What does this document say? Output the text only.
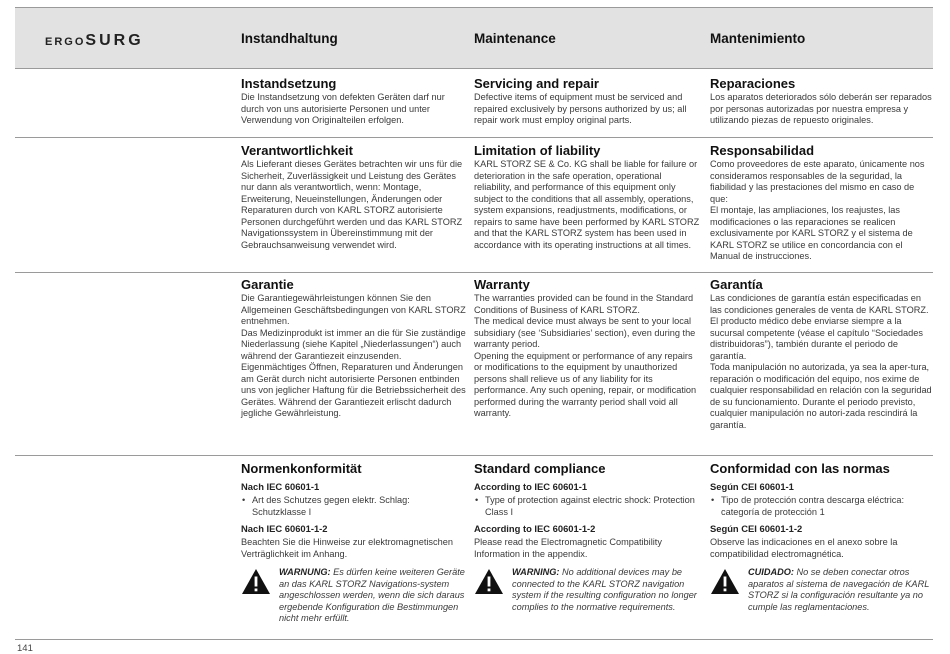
ERGOSURG	Instandhaltung	Maintenance	Mantenimiento
Instandsetzung

Die Instandsetzung von defekten Geräten darf nur durch von uns autorisierte Personen und unter Verwendung von Originalteilen erfolgen.

Servicing and repair

Defective items of equipment must be serviced and repaired exclusively by persons authorized by us; all repair work must employ original parts.

Reparaciones

Los aparatos deteriorados sólo deberán ser reparados por personas autorizadas por nuestra empresa y utilizando piezas de repuesto originales.

Verantwortlichkeit

Als Lieferant dieses Gerätes betrachten wir uns für die Sicherheit, Zuverlässigkeit und Leistung des Gerätes nur dann als verantwortlich, wenn: Montage, Erweiterung, Neueinstellungen, Änderungen oder Reparaturen durch von KARL STORZ autorisierte Personen durchgeführt werden und das KARL STORZ Navigationssystem in Übereinstimmung mit der Gebrauchsanweisung verwendet wird.

Limitation of liability

KARL STORZ SE & Co. KG shall be liable for failure or deterioration in the safe operation, operational reliability, and performance of this equipment only subject to the conditions that all assembly, operations, system expansions, readjustments, modifications, or repairs to same have been performed by KARL STORZ and that the KARL STORZ system has been used in accordance with its operating instructions at all times.

Responsabilidad

Como proveedores de este aparato, únicamente nos consideramos responsables de la seguridad, la fiabilidad y las prestaciones del mismo en caso de que:

El montaje, las ampliaciones, los reajustes, las modificaciones o las reparaciones se realicen exclusivamente por KARL STORZ y el sistema de KARL STORZ se utilice en concordancia con el Manual de instrucciones.

Garantie

Die Garantiegewährleistungen können Sie den Allgemeinen Geschäftsbedingungen von KARL STORZ entnehmen.

Das Medizinprodukt ist immer an die für Sie zuständige Niederlassung (siehe Kapitel „Niederlassungen“) auch während der Garantiezeit einzusenden.

Eigenmächtiges Öffnen, Reparaturen und Änderungen am Gerät durch nicht autorisierte Personen entbinden uns von jeglicher Haftung für die Betriebssicherheit des Gerätes. Während der Garantiezeit erlischt dadurch jegliche Gewährleistung.

Warranty

The warranties provided can be found in the Standard Conditions of Business of KARL STORZ.

The medical device must always be sent to your local subsidiary (see ‘Subsidiaries’ section), even during the warranty period.

Opening the equipment or performance of any repairs or modifications to the equipment by unauthorized persons shall relieve us of any liability for its performance. Any such opening, repair, or modification performed during the warranty period shall void all warranty.

Garantía

Las condiciones de garantía están especificadas en las condiciones generales de venta de KARL STORZ.

El producto médico debe enviarse siempre a la sucursal competente (véase el capítulo “Sociedades distribuidoras”), también durante el periodo de garantía.

Toda manipulación no autorizada, ya sea la aper-tura, reparación o modificación del equipo, nos exime de cualquier responsabilidad en relación con la seguridad de su funcionamiento. Durante el periodo previsto, cualquier manipulación no autori-zada rescindirá la garantía.

Normenkonformität
Nach IEC 60601-1
• Art des Schutzes gegen elektr. Schlag: Schutzklasse I
Nach IEC 60601-1-2

Beachten Sie die Hinweise zur elektromagnetischen Verträglichkeit im Anhang.

WARNUNG: Es dürfen keine weiteren Geräte an das KARL STORZ Navigations-system angeschlossen werden, wenn die sich daraus ergebende Konfiguration die Bestimmungen nicht mehr erfüllt.
Standard compliance
According to IEC 60601-1
• Type of protection against electric shock: Protection Class I
According to IEC 60601-1-2

Please read the Electromagnetic Compatibility Information in the appendix.

WARNING: No additional devices may be connected to the KARL STORZ navigation system if the resulting configuration no longer complies to the normative requirements.
Conformidad con las normas
Según CEI 60601-1
• Tipo de protección contra descarga eléctrica: categoría de protección 1
Según CEI 60601-1-2

Observe las indicaciones en el anexo sobre la compatibilidad electromagnética.

CUIDADO: No se deben conectar otros aparatos al sistema de navegación de KARL STORZ si la configuración resultante ya no cumple las reglamentaciones.
141
